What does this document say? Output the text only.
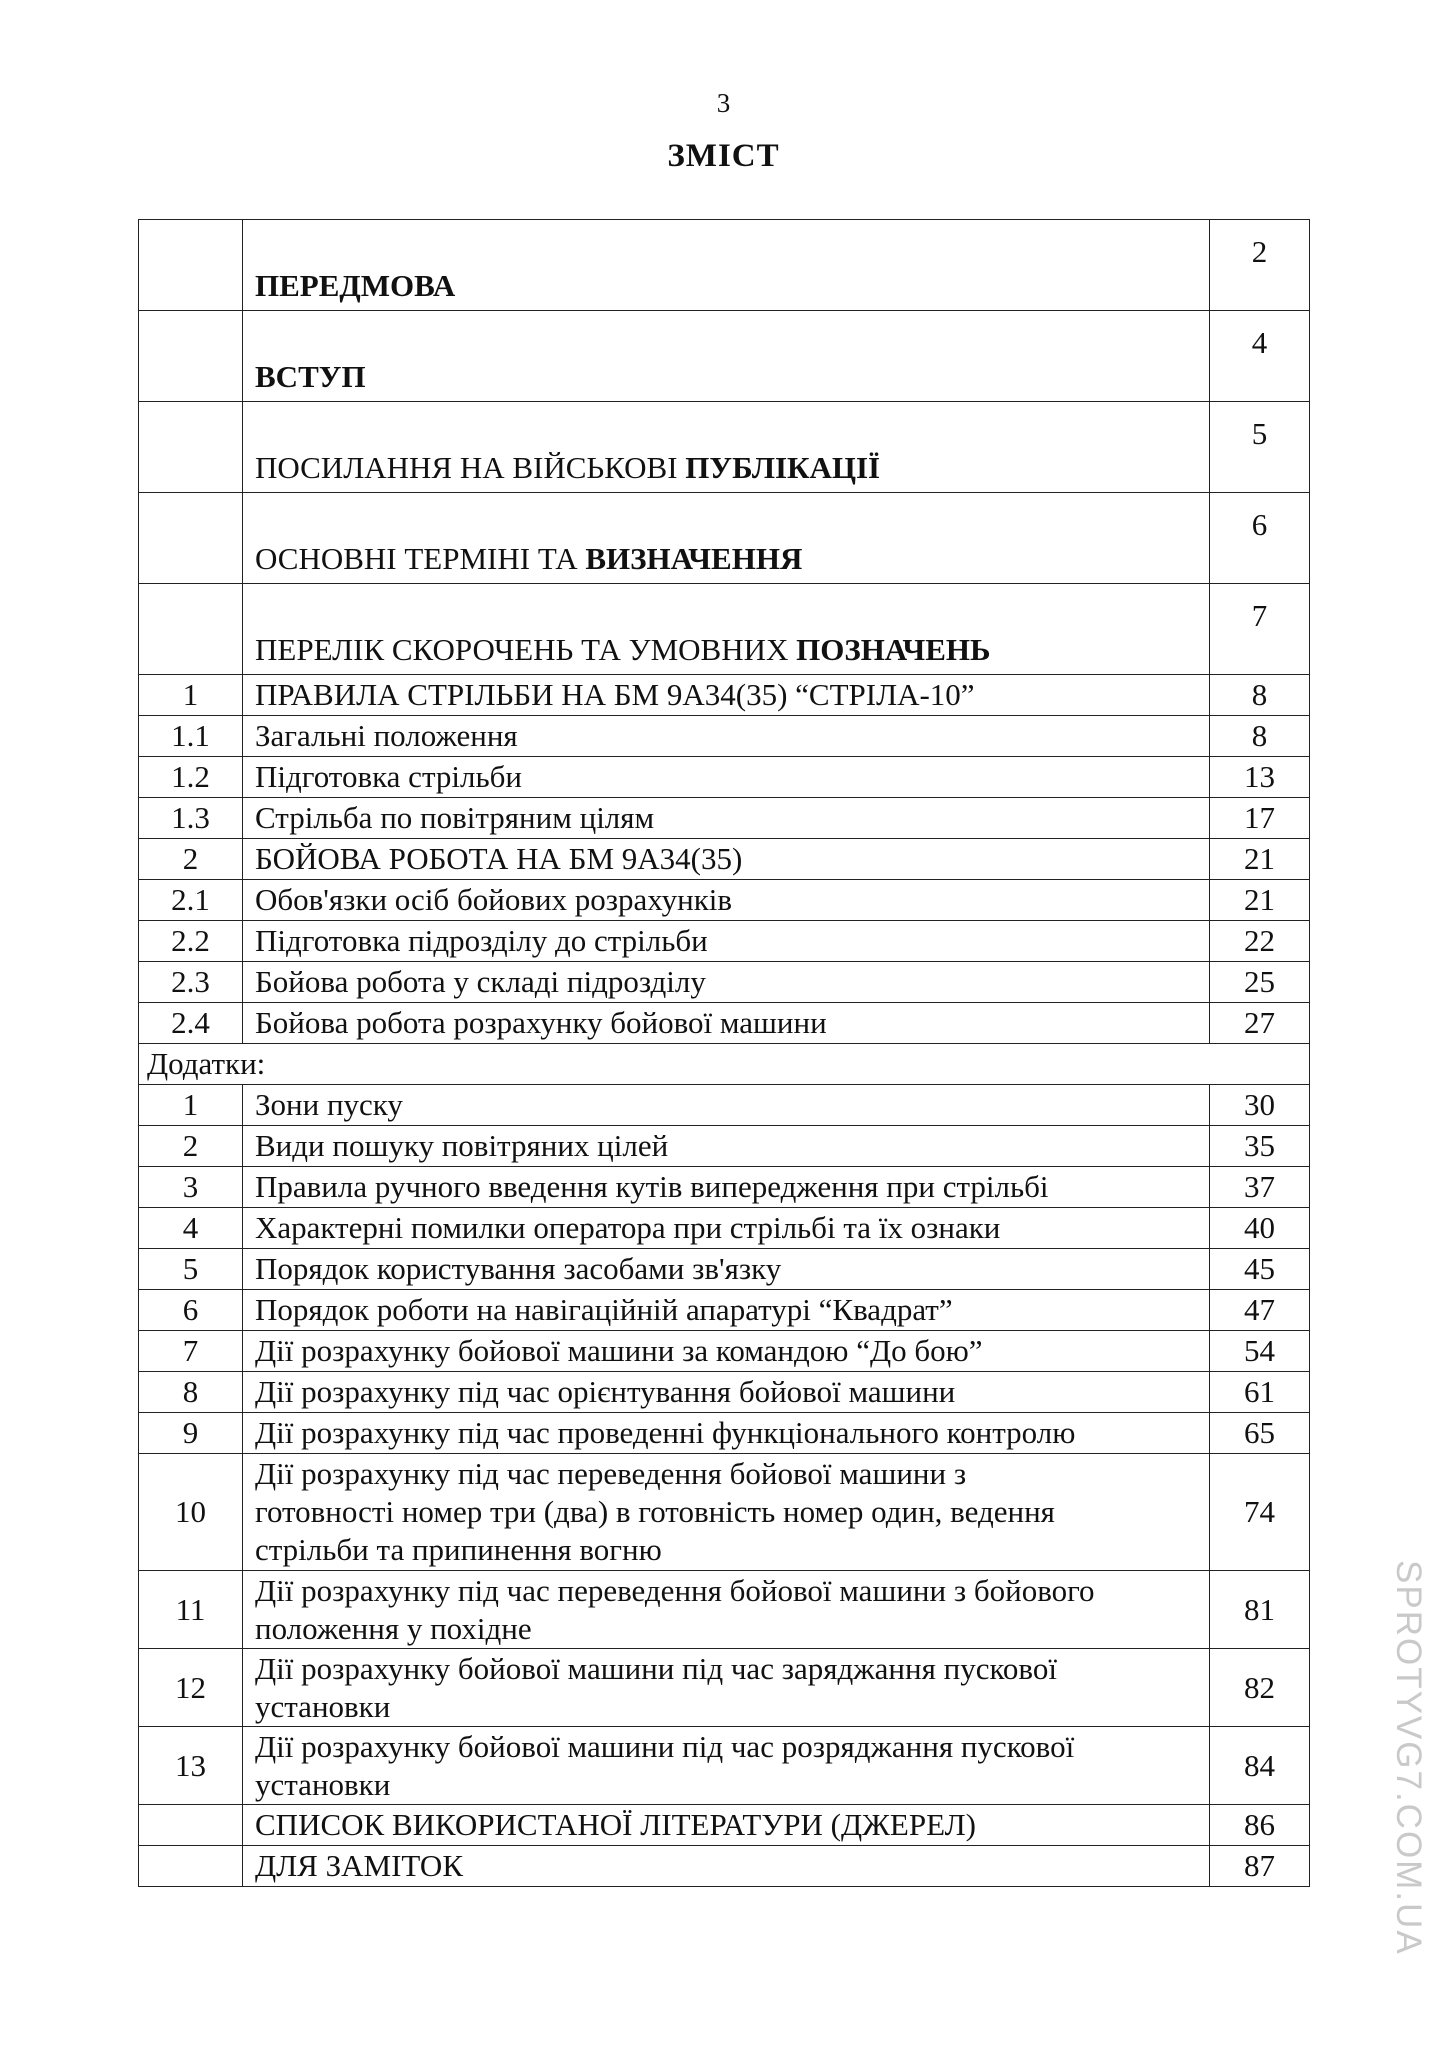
3
ЗМІСТ
	ПЕРЕДМОВА	2
	ВСТУП	4
	ПОСИЛАННЯ НА ВІЙСЬКОВІ ПУБЛІКАЦІЇ	5
	ОСНОВНІ ТЕРМІНІ ТА ВИЗНАЧЕННЯ	6
	ПЕРЕЛІК СКОРОЧЕНЬ ТА УМОВНИХ ПОЗНАЧЕНЬ	7
1	ПРАВИЛА СТРІЛЬБИ НА БМ 9А34(35) “СТРІЛА-10”	8
1.1	Загальні положення	8
1.2	Підготовка стрільби	13
1.3	Стрільба по повітряним цілям	17
2	БОЙОВА РОБОТА НА БМ 9А34(35)	21
2.1	Обов'язки осіб бойових розрахунків	21
2.2	Підготовка підрозділу до стрільби	22
2.3	Бойова робота у складі підрозділу	25
2.4	Бойова робота розрахунку бойової машини	27
Додатки:		
1	Зони пуску	30
2	Види пошуку повітряних цілей	35
3	Правила ручного введення кутів випередження при стрільбі	37
4	Характерні помилки оператора при стрільбі та їх ознаки	40
5	Порядок користування засобами зв'язку	45
6	Порядок роботи на навігаційній апаратурі “Квадрат”	47
7	Дії розрахунку бойової машини за командою “До бою”	54
8	Дії розрахунку під час орієнтування бойової машини	61
9	Дії розрахунку під час проведенні функціонального контролю	65
10	Дії розрахунку під час переведення бойової машини з
готовності номер три (два) в готовність номер один, ведення
стрільби та припинення вогню	74
11	Дії розрахунку під час переведення бойової машини з бойового
положення у похідне	81
12	Дії розрахунку бойової машини під час заряджання пускової
установки	82
13	Дії розрахунку бойової машини під час розряджання пускової
установки	84
	СПИСОК ВИКОРИСТАНОЇ ЛІТЕРАТУРИ (ДЖЕРЕЛ)	86
	ДЛЯ ЗАМІТОК	87	SPROTYVG7.COM.UA
